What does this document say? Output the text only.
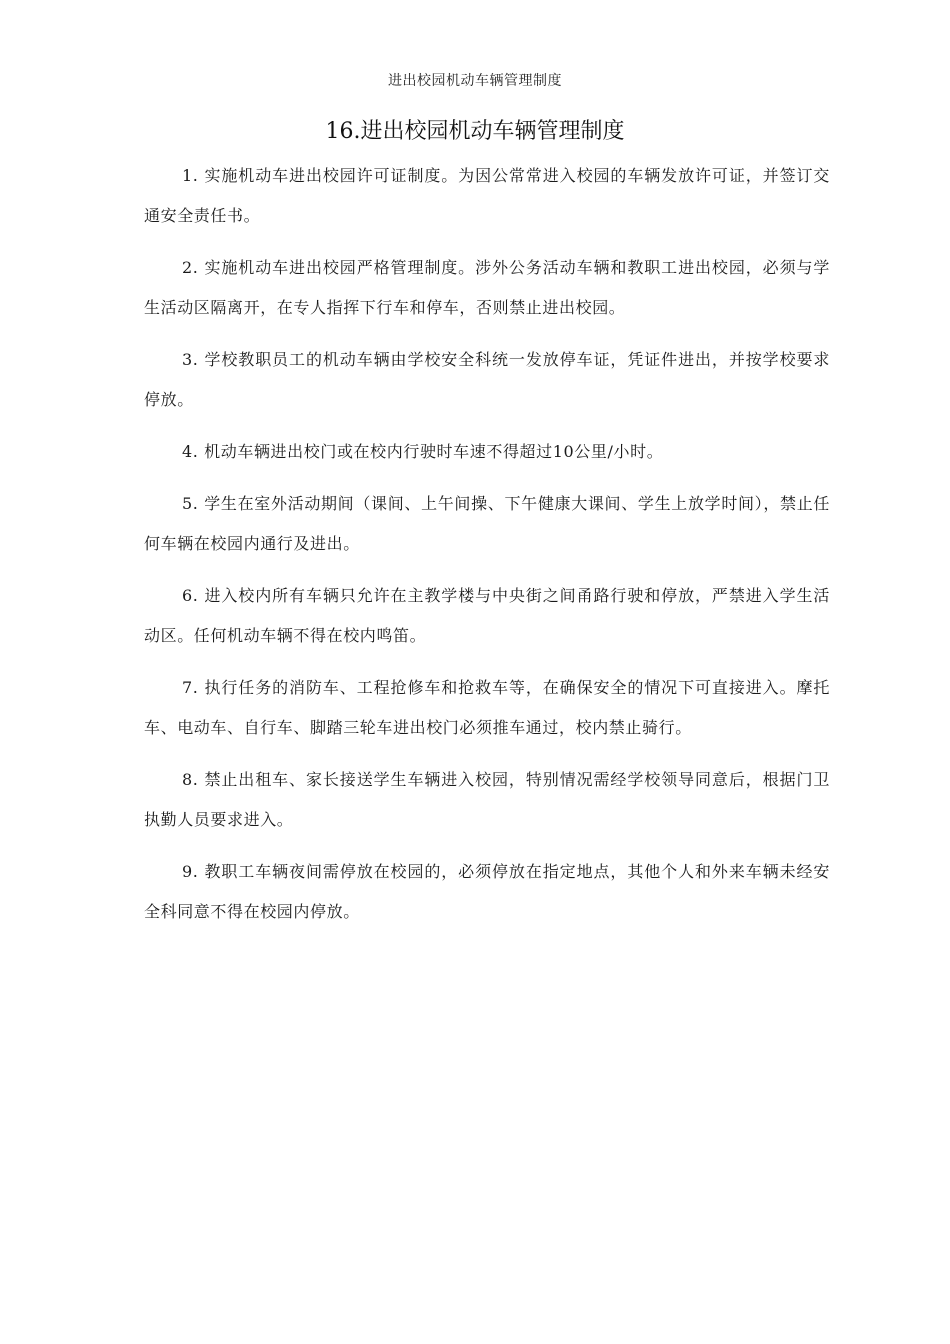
进出校园机动车辆管理制度
16.进出校园机动车辆管理制度

1. 实施机动车进出校园许可证制度。为因公常常进入校园的车辆发放许可证，并签订交通安全责任书。

2. 实施机动车进出校园严格管理制度。涉外公务活动车辆和教职工进出校园，必须与学生活动区隔离开，在专人指挥下行车和停车，否则禁止进出校园。

3. 学校教职员工的机动车辆由学校安全科统一发放停车证，凭证件进出，并按学校要求停放。

4. 机动车辆进出校门或在校内行驶时车速不得超过10公里/小时。

5. 学生在室外活动期间（课间、上午间操、下午健康大课间、学生上放学时间），禁止任何车辆在校园内通行及进出。

6. 进入校内所有车辆只允许在主教学楼与中央街之间甬路行驶和停放，严禁进入学生活动区。任何机动车辆不得在校内鸣笛。

7. 执行任务的消防车、工程抢修车和抢救车等，在确保安全的情况下可直接进入。摩托车、电动车、自行车、脚踏三轮车进出校门必须推车通过，校内禁止骑行。

8. 禁止出租车、家长接送学生车辆进入校园，特别情况需经学校领导同意后，根据门卫执勤人员要求进入。

9. 教职工车辆夜间需停放在校园的，必须停放在指定地点，其他个人和外来车辆未经安全科同意不得在校园内停放。
